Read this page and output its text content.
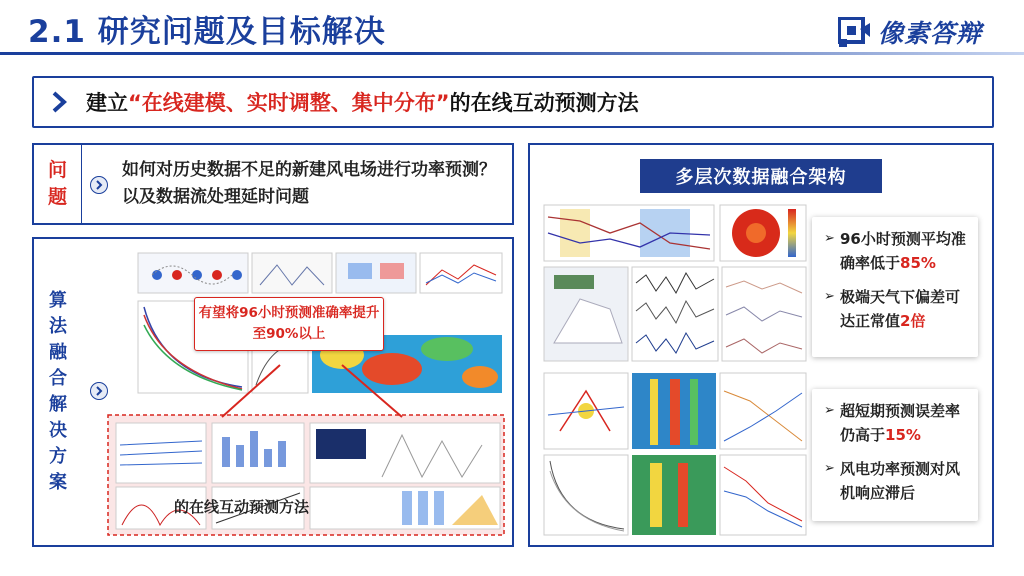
2.1 研究问题及目标解决	像素答辩
建立“在线建模、实时调整、集中分布”的在线互动预测方法
问
题
如何对历史数据不足的新建风电场进行功率预测？以及数据流处理延时问题
算
法
融
合
解
决
方
案
有望将96小时预测准确率提升至90%以上
的在线互动预测方法
多层次数据融合架构
➢ 96小时预测平均准确率低于85%
➢ 极端天气下偏差可达正常值2倍
➢ 超短期预测误差率仍高于15%
➢ 风电功率预测对风机响应滞后
